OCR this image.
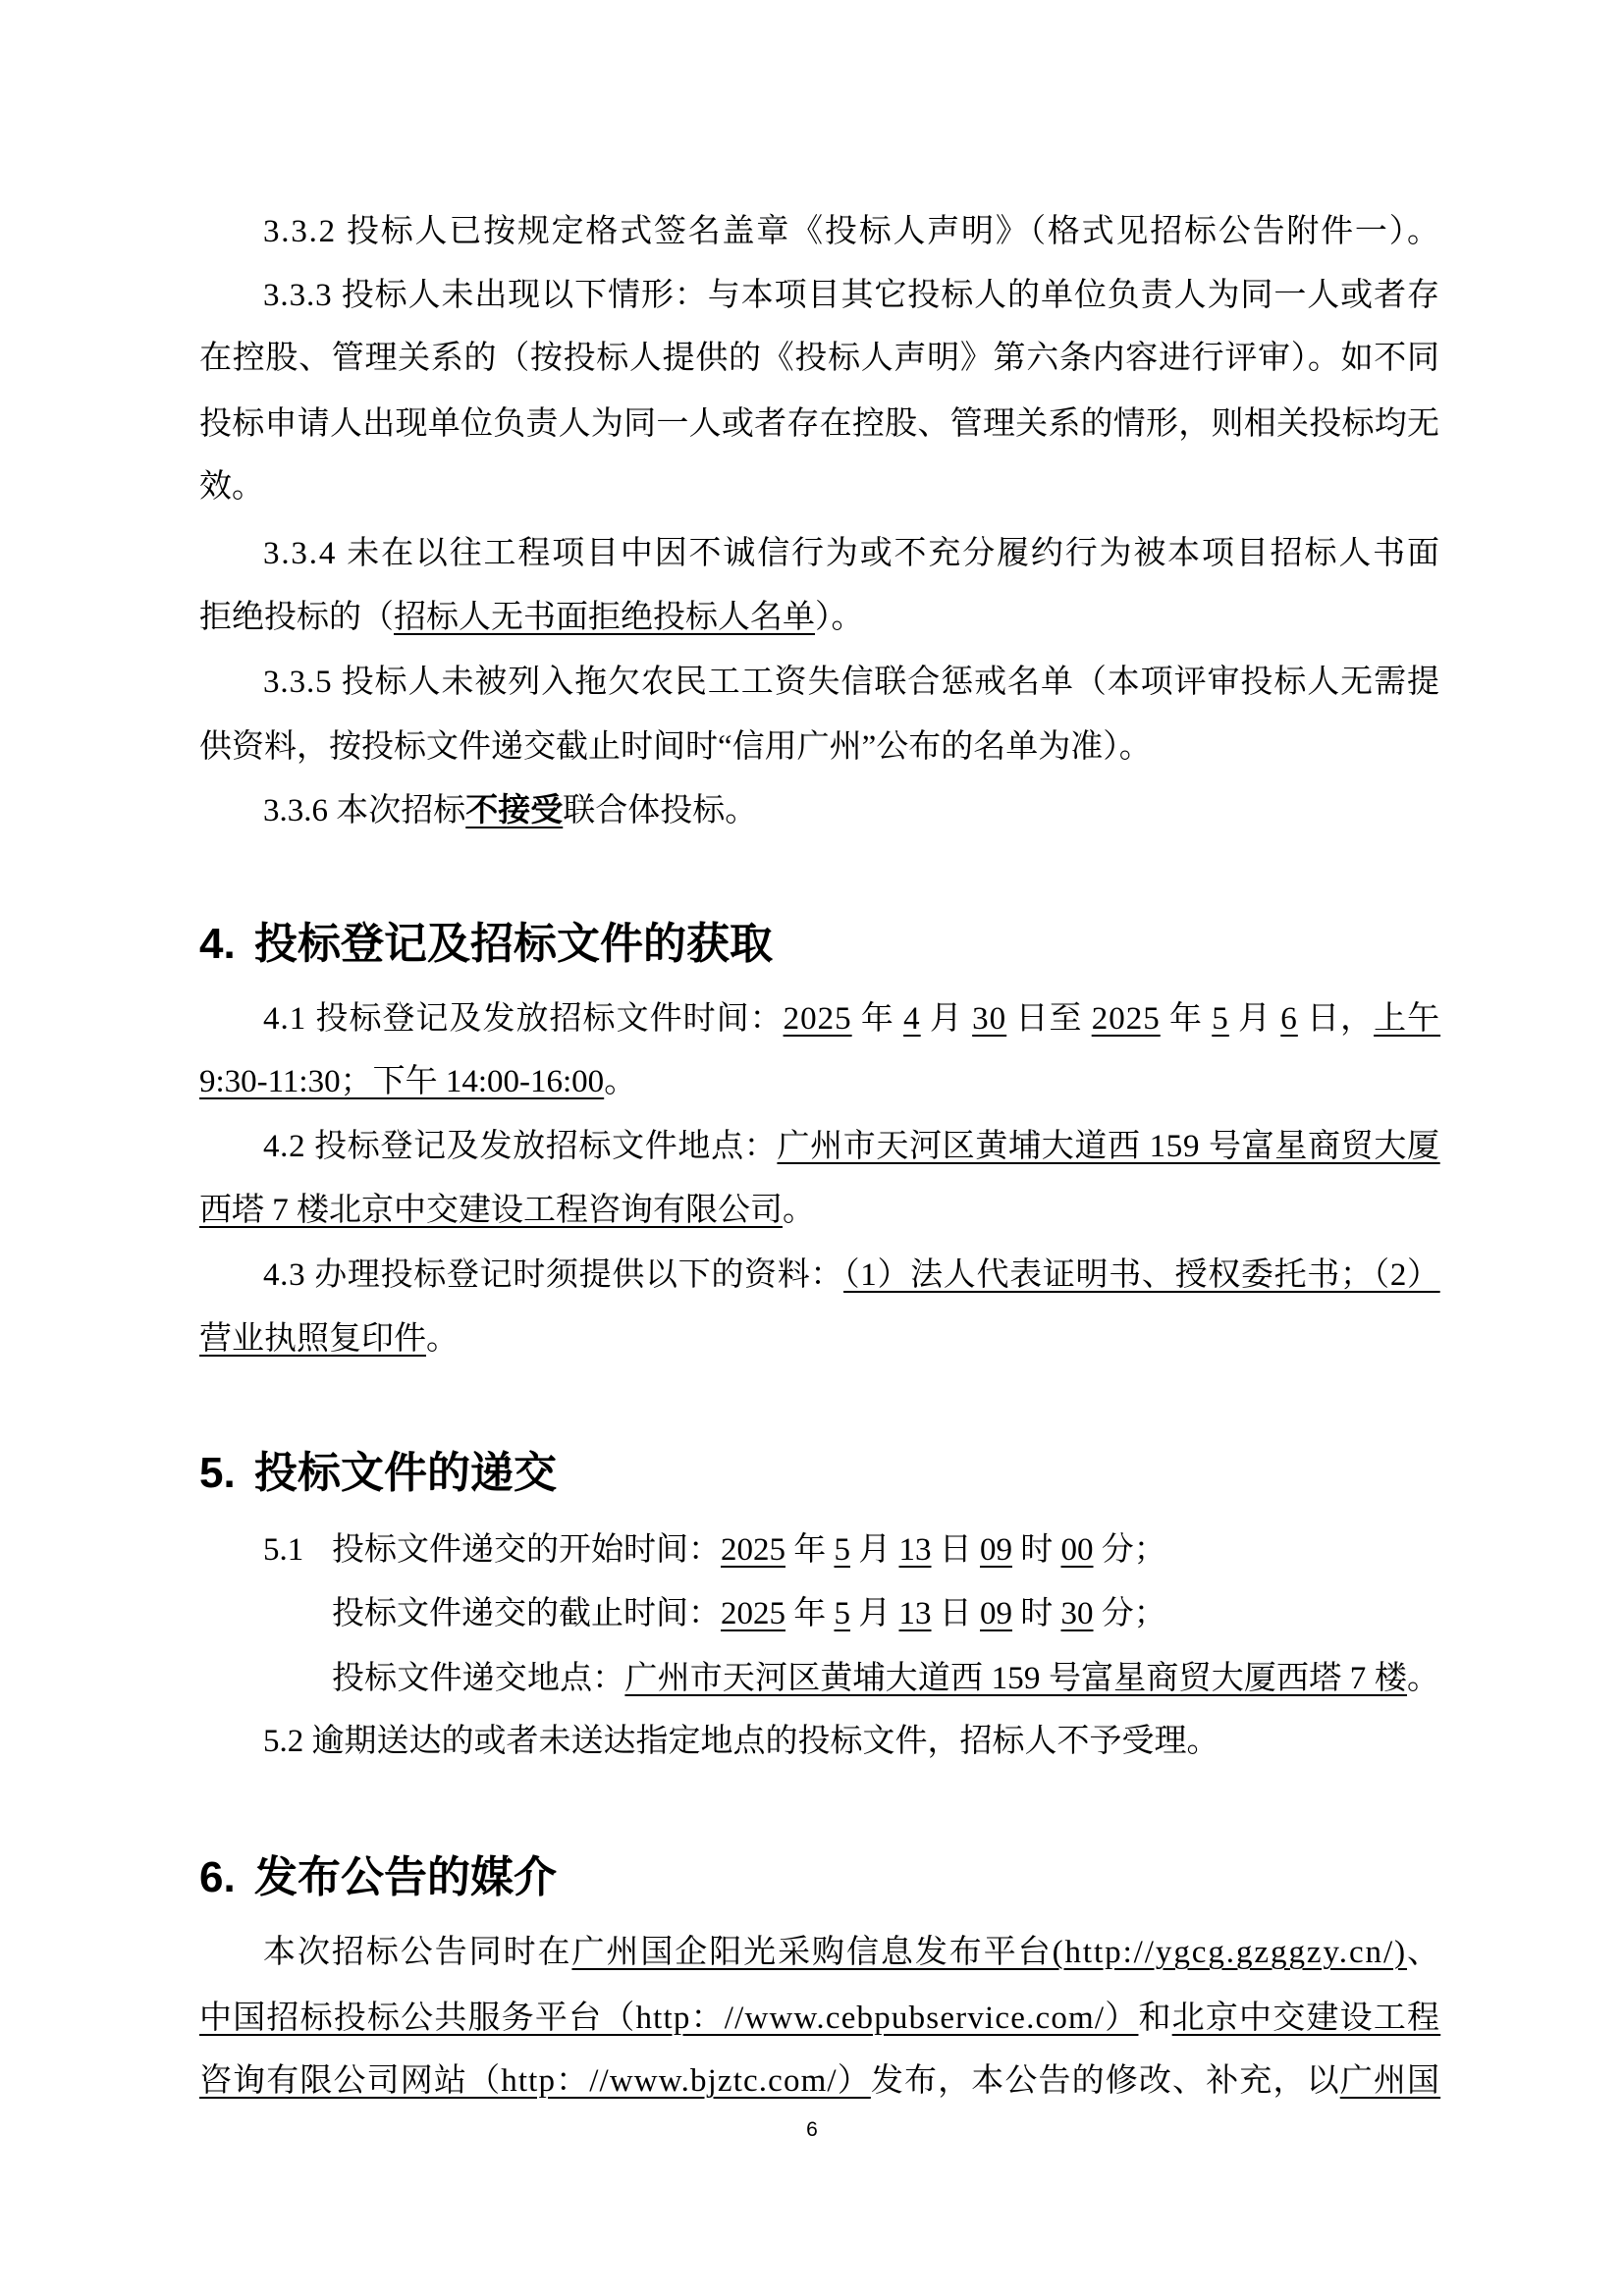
3.3.2 投标人已按规定格式签名盖章《投标人声明》（格式见招标公告附件一）。
3.3.3 投标人未出现以下情形：与本项目其它投标人的单位负责人为同一人或者存
在控股、管理关系的（按投标人提供的《投标人声明》第六条内容进行评审）。如不同
投标申请人出现单位负责人为同一人或者存在控股、管理关系的情形，则相关投标均无
效。
3.3.4 未在以往工程项目中因不诚信行为或不充分履约行为被本项目招标人书面
拒绝投标的（招标人无书面拒绝投标人名单）。
3.3.5 投标人未被列入拖欠农民工工资失信联合惩戒名单（本项评审投标人无需提
供资料，按投标文件递交截止时间时“信用广州”公布的名单为准）。
3.3.6 本次招标不接受联合体投标。
4. 投标登记及招标文件的获取
4.1 投标登记及发放招标文件时间：2025 年 4 月 30 日至 2025 年 5 月 6 日，上午
9:30-11:30；下午 14:00-16:00。
4.2 投标登记及发放招标文件地点：广州市天河区黄埔大道西 159 号富星商贸大厦
西塔 7 楼北京中交建设工程咨询有限公司。
4.3 办理投标登记时须提供以下的资料：（1）法人代表证明书、授权委托书；（2）
营业执照复印件。
5. 投标文件的递交
5.1 投标文件递交的开始时间：2025 年 5 月 13 日 09 时 00 分；
投标文件递交的截止时间：2025 年 5 月 13 日 09 时 30 分；
投标文件递交地点：广州市天河区黄埔大道西 159 号富星商贸大厦西塔 7 楼。
5.2 逾期送达的或者未送达指定地点的投标文件，招标人不予受理。
6. 发布公告的媒介
本次招标公告同时在广州国企阳光采购信息发布平台(http://ygcg.gzggzy.cn/)、
中国招标投标公共服务平台（http：//www.cebpubservice.com/）和北京中交建设工程
咨询有限公司网站（http：//www.bjztc.com/）发布，本公告的修改、补充，以广州国
6
